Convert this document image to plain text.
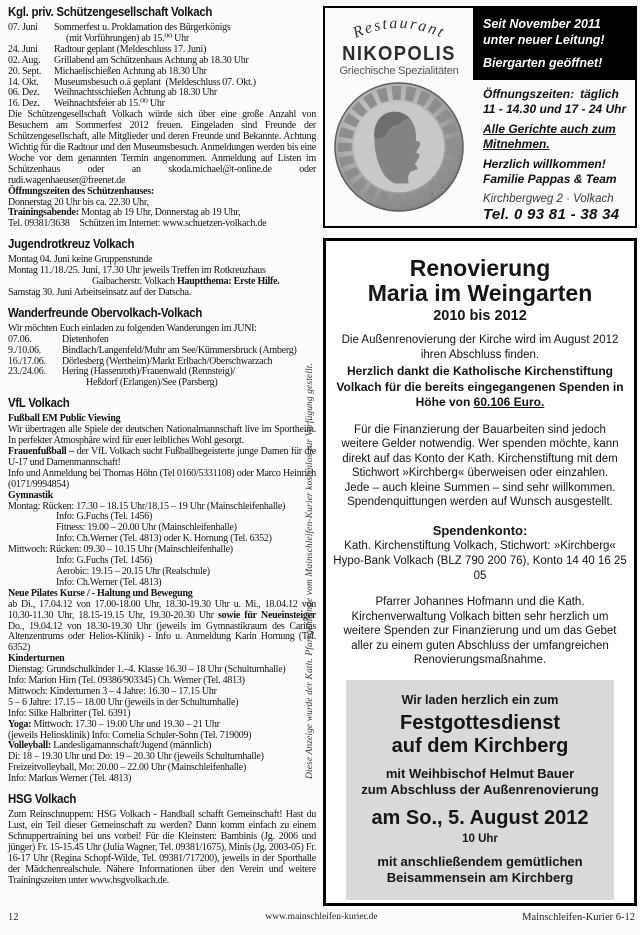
Kgl. priv. Schützengesellschaft Volkach
07. Juni	Sommerfest u. Proklamation des Bürgerkönigs
(mit Vorführungen) ab 15.⁰⁰ Uhr
24. Juni	Radtour geplant (Meldeschluss 17. Juni)
02. Aug.	Grillabend am Schützenhaus Achtung ab 18.30 Uhr
20. Sept.	Michaelischießen Achtung ab 18.30 Uhr
14. Okt.	Museumsbesuch o.ä geplant (Meldeschluss 07. Okt.)
06. Dez.	Weihnachtsschießen Achtung ab 18.30 Uhr
16. Dez.	Weihnachtsfeier ab 15.⁰⁰ Uhr
Die Schützengesellschaft Volkach würde sich über eine große Anzahl von Besuchern am Sommerfest 2012 freuen. Eingeladen sind Freunde der Schützengesellschaft, alle Mitglieder und deren Freunde und Bekannte. Achtung Wichtig für die Radtour und den Museumsbesuch. Anmeldungen werden bis eine Woche vor dem genannten Termin angenommen. Anmeldung auf Listen im Schützenhaus oder an skoda.michael@t-online.de oder rudi.wagenhaeuser@freenet.de
Öffnungszeiten des Schützenhauses:
Donnerstag 20 Uhr bis ca. 22.30 Uhr,
Trainingsabende: Montag ab 19 Uhr, Donnerstag ab 19 Uhr,
Tel. 09381/3638 Schützen im Internet: www.schuetzen-volkach.de
Jugendrotkreuz Volkach
Montag 04. Juni keine Gruppenstunde
Montag 11./18./25. Juni, 17.30 Uhr jeweils Treffen im Rotkreuzhaus
Gaibacherstr. Volkach Hauptthema: Erste Hilfe.
Samstag 30. Juni Arbeitseinsatz auf der Datscha.
Wanderfreunde Obervolkach-Volkach
Wir möchten Euch einladen zu folgenden Wanderungen im JUNI:
07.06.	Dietenhofen
9./10.06.	Bindlach/Langenfeld/Muhr am See/Kümmersbruck (Amberg)
16./17.06.	Dörlesberg (Wertheim)/Markt Erlbach/Oberschwarzach
23./24.06.	Hering (Hassenroth)/Frauenwald (Rennsteig)/
Heßdorf (Erlangen)/See (Parsberg)
VfL Volkach
Fußball EM Public Viewing
Wir übertragen alle Spiele der deutschen Nationalmannschaft live im Sportheim. In perfekter Atmosphäre wird für euer leibliches Wohl gesorgt.
Frauenfußball – der VfL Volkach sucht Fußballbegeisterte junge Damen für die U-17 und Damenmannschaft!
Info und Anmeldung bei Thomas Höhn (Tel 0160/5331108) oder Marco Heinrich (0171/9994854)
Gymnastik
Montag: Rücken: 17.30 – 18.15 Uhr/18.15 – 19 Uhr (Mainschleifenhalle)
Info: G.Fuchs (Tel. 1456)
Fitness: 19.00 – 20.00 Uhr (Mainschleifenhalle)
Info: Ch.Werner (Tel. 4813) oder K. Hornung (Tel. 6352)
Mittwoch: Rücken: 09.30 – 10.15 Uhr (Mainschleifenhalle)
Info: G.Fuchs (Tel. 1456)
Aerobic: 19.15 – 20.15 Uhr (Realschule)
Info: Ch.Werner (Tel. 4813)
Neue Pilates Kurse / - Haltung und Bewegung
ab Di., 17.04.12 von 17.00-18.00 Uhr, 18.30-19.30 Uhr u. Mi., 18.04.12 von 10.30-11.30 Uhr, 18.15-19.15 Uhr, 19.30-20.30 Uhr sowie für Neueinsteiger Do., 19.04.12 von 18.30-19.30 Uhr (jeweils im Gymnastikraum des Caritas Altenzentrums oder Helios-Klinik) - Info u. Anmeldung Karin Hornung (Tel. 6352)
Kinderturnen
Dienstag: Grundschulkinder 1.–4. Klasse 16.30 – 18 Uhr (Schulturnhalle)
Info: Marion Hirn (Tel. 09386/903345) Ch. Werner (Tel. 4813)
Mittwoch: Kinderturnen 3 – 4 Jahre: 16.30 – 17.15 Uhr
5 – 6 Jahre: 17.15 – 18.00 Uhr (jeweils in der Schulturnhalle)
Info: Silke Halbritter (Tel. 6391)
Yoga: Mittwoch: 17.30 – 19.00 Uhr und 19.30 – 21 Uhr
(jeweils Heliosklinik) Info: Cornelia Schuler-Sohn (Tel. 719009)
Volleyball: Landesligamannschaft/Jugend (männlich)
Di: 18 – 19.30 Uhr und Do: 19 – 20.30 Uhr (jeweils Schulturnhalle)
Freizeitvolleyball, Mo: 20.00 – 22.00 Uhr (Mainschleifenhalle)
Info: Markus Werner (Tel. 4813)
HSG Volkach
Zum Reinschnuppern: HSG Volkach - Handball schafft Gemeinschaft! Hast du Lust, ein Teil dieser Gemeinschaft zu werden? Dann komm einfach zu einem Schnuppertraining bei uns vorbei! Für die Kleinsten: Bambinis (Jg. 2006 und jünger) Fr. 15-15.45 Uhr (Julia Wagner, Tel. 09381/1675), Minis (Jg. 2003-05) Fr. 16-17 Uhr (Regina Schopf-Wilde, Tel. 09381/717200), jeweils in der Sporthalle der Mädchenrealschule. Nähere Informationen über den Verein und weitere Trainingszeiten unter www.hsgvolkach.de.
Restaurant
NIKOPOLIS
Griechische Spezialitäten
Seit November 2011
unter neuer Leitung!
Biergarten geöffnet!
Öffnungszeiten: täglich
11 - 14.30 und 17 - 24 Uhr
Alle Gerichte auch zum Mitnehmen.
Herzlich willkommen!
Familie Pappas & Team
Kirchbergweg 2 · Volkach
Tel. 0 93 81 - 38 34
Renovierung
Maria im Weingarten
2010 bis 2012
Die Außenrenovierung der Kirche wird im August 2012 ihren Abschluss finden.
Herzlich dankt die Katholische Kirchenstiftung Volkach für die bereits eingegangenen Spenden in Höhe von 60.106 Euro.
Für die Finanzierung der Bauarbeiten sind jedoch weitere Gelder notwendig. Wer spenden möchte, kann direkt auf das Konto der Kath. Kirchenstiftung mit dem Stichwort »Kirchberg« überweisen oder einzahlen. Jede – auch kleine Summen – sind sehr willkommen. Spendenquittungen werden auf Wunsch ausgestellt.
Spendenkonto:
Kath. Kirchenstiftung Volkach, Stichwort: »Kirchberg«
Hypo-Bank Volkach (BLZ 790 200 76), Konto 14 40 16 25 05
Pfarrer Johannes Hofmann und die Kath. Kirchenverwaltung Volkach bitten sehr herzlich um weitere Spenden zur Finanzierung und um das Gebet aller zu einem guten Abschluss der umfangreichen Renovierungsmaßnahme.
Wir laden herzlich ein zum
Festgottesdienst
auf dem Kirchberg
mit Weihbischof Helmut Bauer
zum Abschluss der Außenrenovierung
am So., 5. August 2012
10 Uhr
mit anschließendem gemütlichen
Beisammensein am Kirchberg
Diese Anzeige wurde der Kath. Pfarrgemeinde vom Mainschleifen-Kurier kostenlos zur Verfügung gestellt.
12	www.mainschleifen-kurier.de	Mainschleifen-Kurier 6-12
